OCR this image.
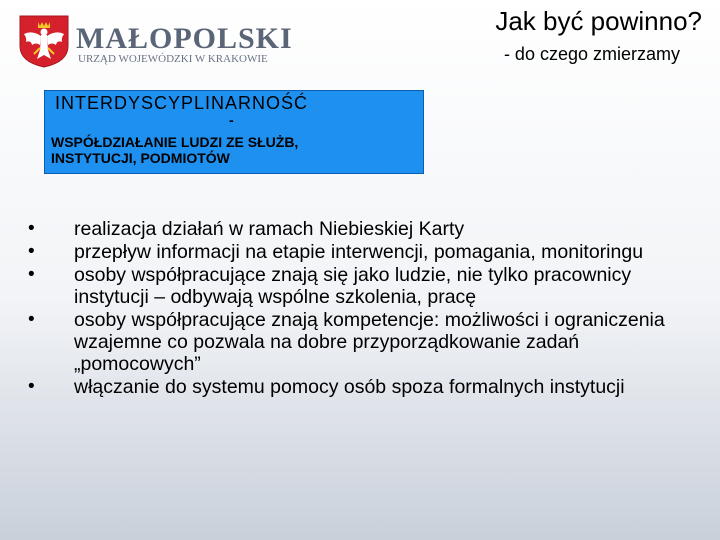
MAŁOPOLSKI
URZĄD WOJEWÓDZKI W KRAKOWIE
Jak być powinno?
- do czego zmierzamy
INTERDYSCYPLINARNOŚĆ
-
WSPÓŁDZIAŁANIE LUDZI ZE SŁUŻB,
INSTYTUCJI, PODMIOTÓW
• realizacja działań w ramach Niebieskiej Karty
• przepływ informacji na etapie interwencji, pomagania, monitoringu
• osoby współpracujące znają się jako ludzie, nie tylko pracownicy instytucji – odbywają wspólne szkolenia, pracę
• osoby współpracujące znają kompetencje: możliwości i ograniczenia wzajemne co pozwala na dobre przyporządkowanie zadań „pomocowych”
• włączanie do systemu pomocy osób spoza formalnych instytucji
